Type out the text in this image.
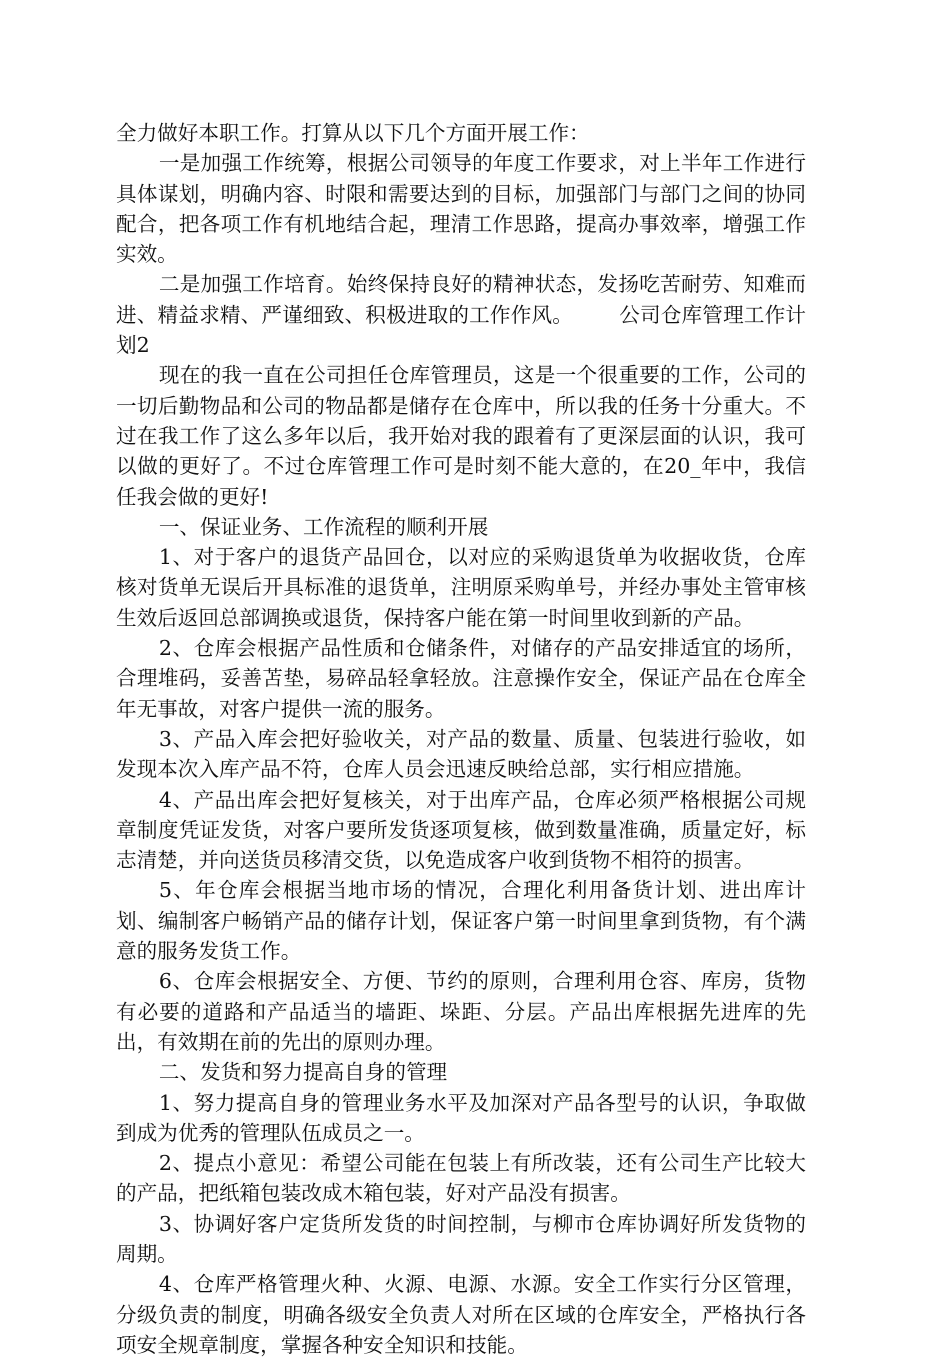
全力做好本职工作。打算从以下几个方面开展工作：

一是加强工作统筹，根据公司领导的年度工作要求，对上半年工作进行具体谋划，明确内容、时限和需要达到的目标，加强部门与部门之间的协同配合，把各项工作有机地结合起，理清工作思路，提高办事效率，增强工作实效。

二是加强工作培育。始终保持良好的精神状态，发扬吃苦耐劳、知难而进、精益求精、严谨细致、积极进取的工作作风。 公司仓库管理工作计划2

现在的我一直在公司担任仓库管理员，这是一个很重要的工作，公司的一切后勤物品和公司的物品都是储存在仓库中，所以我的任务十分重大。不过在我工作了这么多年以后，我开始对我的跟着有了更深层面的认识，我可以做的更好了。不过仓库管理工作可是时刻不能大意的，在20_年中，我信任我会做的更好!

一、保证业务、工作流程的顺利开展

1、对于客户的退货产品回仓，以对应的采购退货单为收据收货，仓库核对货单无误后开具标准的退货单，注明原采购单号，并经办事处主管审核生效后返回总部调换或退货，保持客户能在第一时间里收到新的产品。

2、仓库会根据产品性质和仓储条件，对储存的产品安排适宜的场所，合理堆码，妥善苫垫，易碎品轻拿轻放。注意操作安全，保证产品在仓库全年无事故，对客户提供一流的服务。

3、产品入库会把好验收关，对产品的数量、质量、包装进行验收，如发现本次入库产品不符，仓库人员会迅速反映给总部，实行相应措施。

4、产品出库会把好复核关，对于出库产品，仓库必须严格根据公司规章制度凭证发货，对客户要所发货逐项复核，做到数量准确，质量定好，标志清楚，并向送货员移清交货，以免造成客户收到货物不相符的损害。

5、年仓库会根据当地市场的情况，合理化利用备货计划、进出库计划、编制客户畅销产品的储存计划，保证客户第一时间里拿到货物，有个满意的服务发货工作。

6、仓库会根据安全、方便、节约的原则，合理利用仓容、库房，货物有必要的道路和产品适当的墙距、垛距、分层。产品出库根据先进库的先出，有效期在前的先出的原则办理。

二、发货和努力提高自身的管理

1、努力提高自身的管理业务水平及加深对产品各型号的认识，争取做到成为优秀的管理队伍成员之一。

2、提点小意见：希望公司能在包装上有所改装，还有公司生产比较大的产品，把纸箱包装改成木箱包装，好对产品没有损害。

3、协调好客户定货所发货的时间控制，与柳市仓库协调好所发货物的周期。

4、仓库严格管理火种、火源、电源、水源。安全工作实行分区管理，分级负责的制度，明确各级安全负责人对所在区域的仓库安全，严格执行各项安全规章制度，掌握各种安全知识和技能。
